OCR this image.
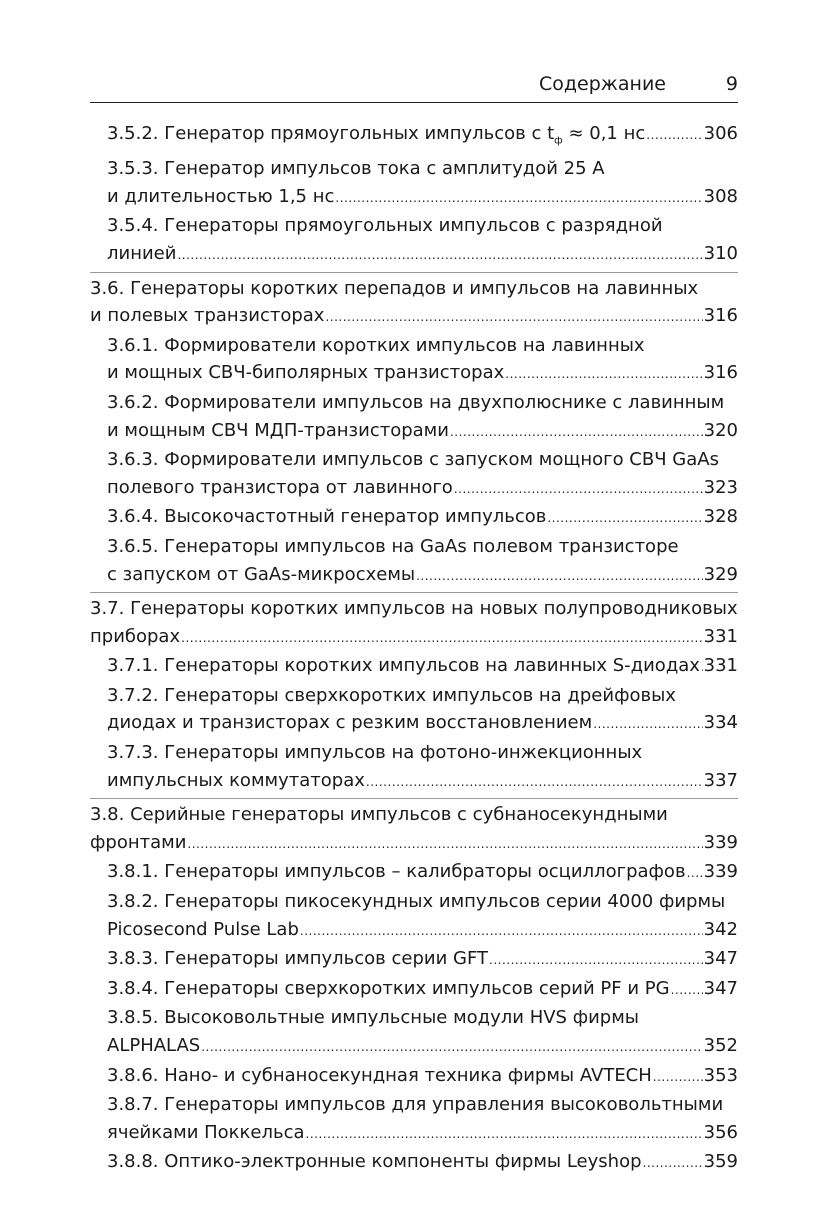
Содержание	9
3.5.2. Генератор прямоугольных импульсов с $t_ф \approx 0,1$ нс .....	306
3.5.3. Генератор импульсов тока с амплитудой 25 А
и длительностью 1,5 нс .....	308
3.5.4. Генераторы прямоугольных импульсов с разрядной
линией .....	310
3.6. Генераторы коротких перепадов и импульсов на лавинных
и полевых транзисторах .....	316
3.6.1. Формирователи коротких импульсов на лавинных
и мощных СВЧ-биполярных транзисторах .....	316
3.6.2. Формирователи импульсов на двухполюснике с лавинным
и мощным СВЧ МДП-транзисторами .....	320
3.6.3. Формирователи импульсов с запуском мощного СВЧ GaAs
полевого транзистора от лавинного .....	323
3.6.4. Высокочастотный генератор импульсов .....	328
3.6.5. Генераторы импульсов на GaAs полевом транзисторе
с запуском от GaAs-микросхемы .....	329
3.7. Генераторы коротких импульсов на новых полупроводниковых
приборах .....	331
3.7.1. Генераторы коротких импульсов на лавинных S-диодах ..... 331
3.7.2. Генераторы сверхкоротких импульсов на дрейфовых
диодах и транзисторах с резким восстановлением .....	334
3.7.3. Генераторы импульсов на фотоно-инжекционных
импульсных коммутаторах .....	337
3.8. Серийные генераторы импульсов с субнаносекундными
фронтами .....	339
3.8.1. Генераторы импульсов – калибраторы осциллографов ..... 339
3.8.2. Генераторы пикосекундных импульсов серии 4000 фирмы
Picosecond Pulse Lab .....	342
3.8.3. Генераторы импульсов серии GFT .....	347
3.8.4. Генераторы сверхкоротких импульсов серий PF и PG ..... 347
3.8.5. Высоковольтные импульсные модули HVS фирмы
ALPHALAS .....	352
3.8.6. Нано- и субнаносекундная техника фирмы AVTECH .....	353
3.8.7. Генераторы импульсов для управления высоковольтными
ячейками Поккельса .....	356
3.8.8. Оптико-электронные компоненты фирмы Leyshop .....	359
